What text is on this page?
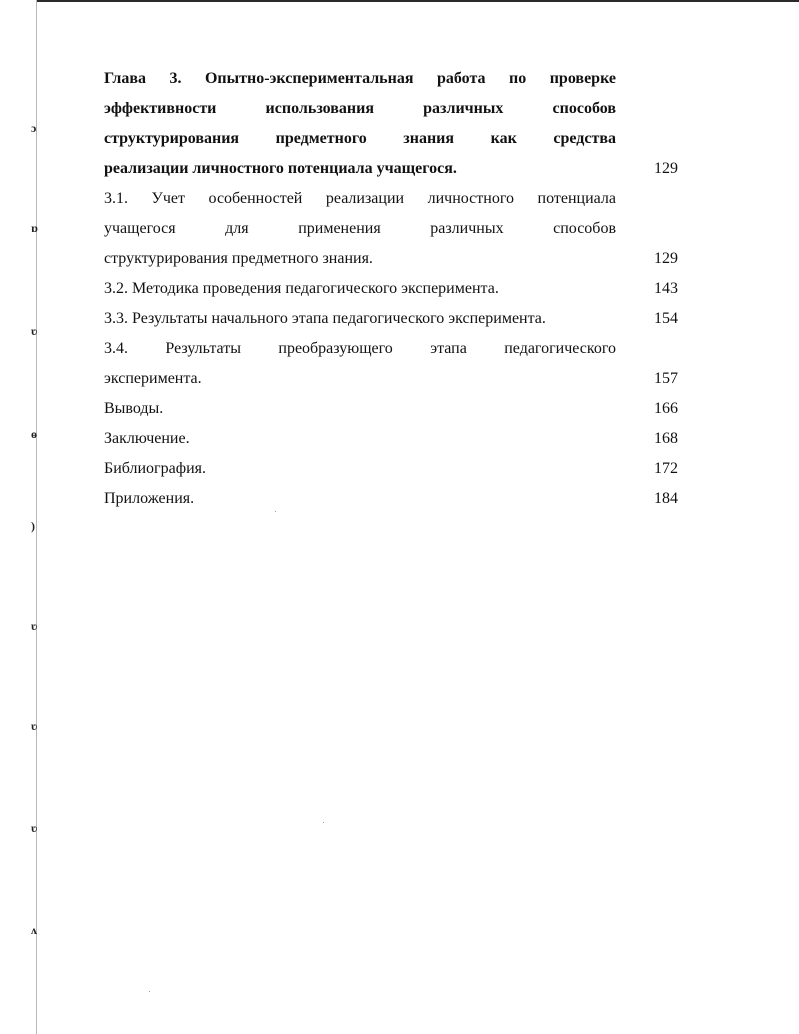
ɔ
ɒ
ʋ
ɵ
)
ʋ
ʋ
ʋ
ʌ
Глава 3. Опытно-экспериментальная работа по проверке
эффективности использования различных способов
структурирования предметного знания как средства
реализации личностного потенциала учащегося.	129
3.1. Учет особенностей реализации личностного потенциала
учащегося для применения различных способов
структурирования предметного знания.	129
3.2. Методика проведения педагогического эксперимента.	143
3.3. Результаты начального этапа педагогического эксперимента.	154
3.4. Результаты преобразующего этапа педагогического
эксперимента.	157
Выводы.	166
Заключение.	168
Библиография.	172
Приложения.	184
